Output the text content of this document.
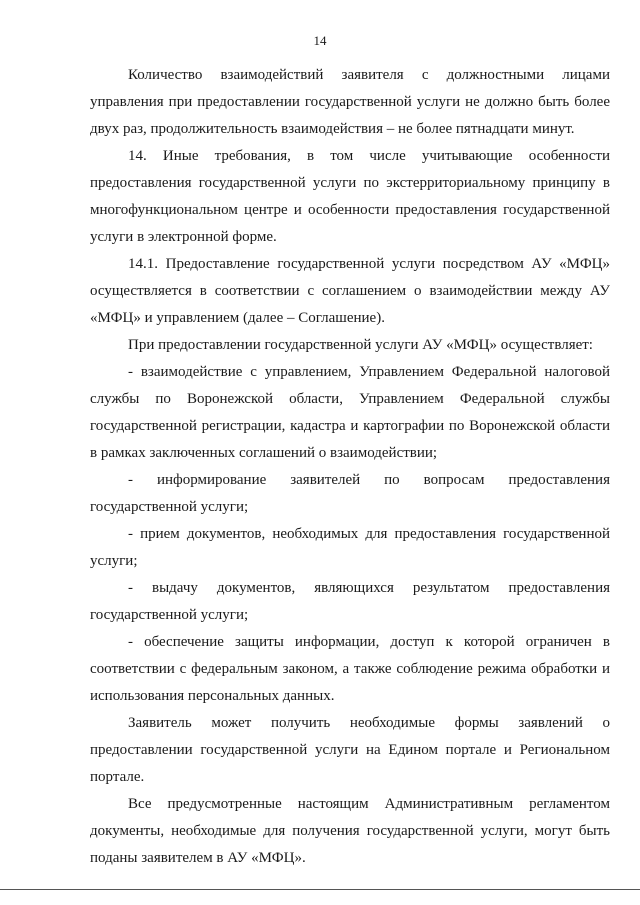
14

Количество взаимодействий заявителя с должностными лицами управления при предоставлении государственной услуги не должно быть более двух раз, продолжительность взаимодействия – не более пятнадцати минут.

14. Иные требования, в том числе учитывающие особенности предоставления государственной услуги по экстерриториальному принципу в многофункциональном центре и особенности предоставления государственной услуги в электронной форме.

14.1. Предоставление государственной услуги посредством АУ «МФЦ» осуществляется в соответствии с соглашением о взаимодействии между АУ «МФЦ» и управлением (далее – Соглашение).

При предоставлении государственной услуги АУ «МФЦ» осуществляет:

- взаимодействие с управлением, Управлением Федеральной налоговой службы по Воронежской области, Управлением Федеральной службы государственной регистрации, кадастра и картографии по Воронежской области в рамках заключенных соглашений о взаимодействии;

- информирование заявителей по вопросам предоставления государственной услуги;

- прием документов, необходимых для предоставления государственной услуги;

- выдачу документов, являющихся результатом предоставления государственной услуги;

- обеспечение защиты информации, доступ к которой ограничен в соответствии с федеральным законом, а также соблюдение режима обработки и использования персональных данных.

Заявитель может получить необходимые формы заявлений о предоставлении государственной услуги на Едином портале и Региональном портале.

Все предусмотренные настоящим Административным регламентом документы, необходимые для получения государственной услуги, могут быть поданы заявителем в АУ «МФЦ».
